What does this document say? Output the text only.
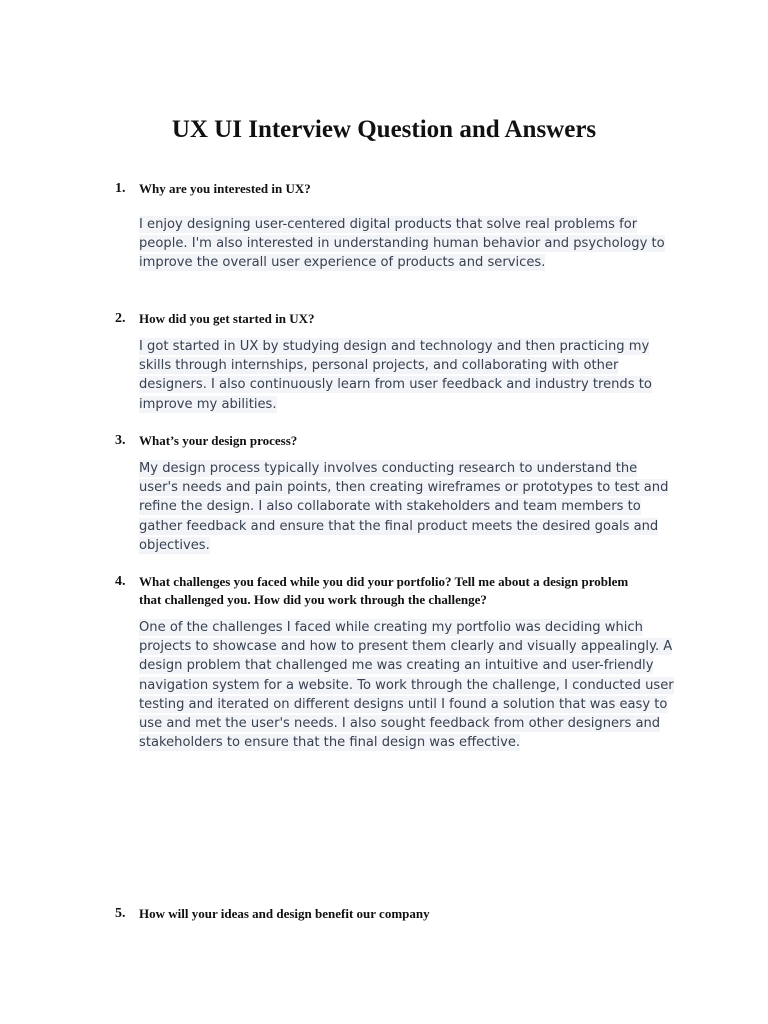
UX UI Interview Question and Answers
1.	Why are you interested in UX?

I enjoy designing user-centered digital products that solve real problems for people. I'm also interested in understanding human behavior and psychology to improve the overall user experience of products and services.

2.	How did you get started in UX?

I got started in UX by studying design and technology and then practicing my skills through internships, personal projects, and collaborating with other designers. I also continuously learn from user feedback and industry trends to improve my abilities.

3.	What’s your design process?

My design process typically involves conducting research to understand the user's needs and pain points, then creating wireframes or prototypes to test and refine the design. I also collaborate with stakeholders and team members to gather feedback and ensure that the final product meets the desired goals and objectives.

4.	What challenges you faced while you did your portfolio? Tell me about a design problem that challenged you. How did you work through the challenge?

One of the challenges I faced while creating my portfolio was deciding which projects to showcase and how to present them clearly and visually appealingly. A design problem that challenged me was creating an intuitive and user-friendly navigation system for a website. To work through the challenge, I conducted user testing and iterated on different designs until I found a solution that was easy to use and met the user's needs. I also sought feedback from other designers and stakeholders to ensure that the final design was effective.

5.	How will your ideas and design benefit our company
